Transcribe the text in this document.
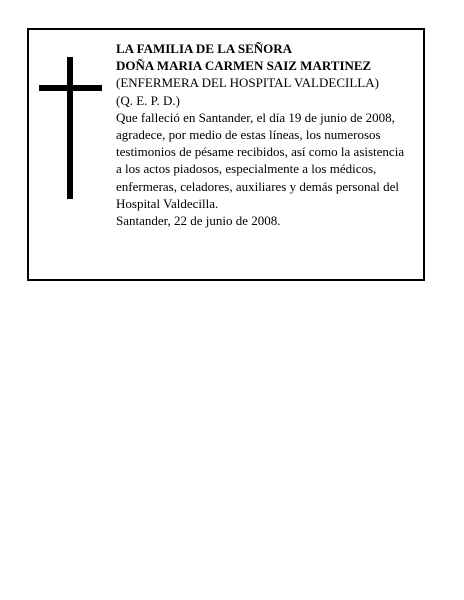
LA FAMILIA DE LA SEÑORA
DOÑA MARIA CARMEN SAIZ MARTINEZ
(ENFERMERA DEL HOSPITAL VALDECILLA)
(Q. E. P. D.)
Que falleció en Santander, el día 19 de junio de 2008,
agradece, por medio de estas líneas, los numerosos
testimonios de pésame recibidos, así como la asistencia
a los actos piadosos, especialmente a los médicos,
enfermeras, celadores, auxiliares y demás personal del
Hospital Valdecilla.
Santander, 22 de junio de 2008.
